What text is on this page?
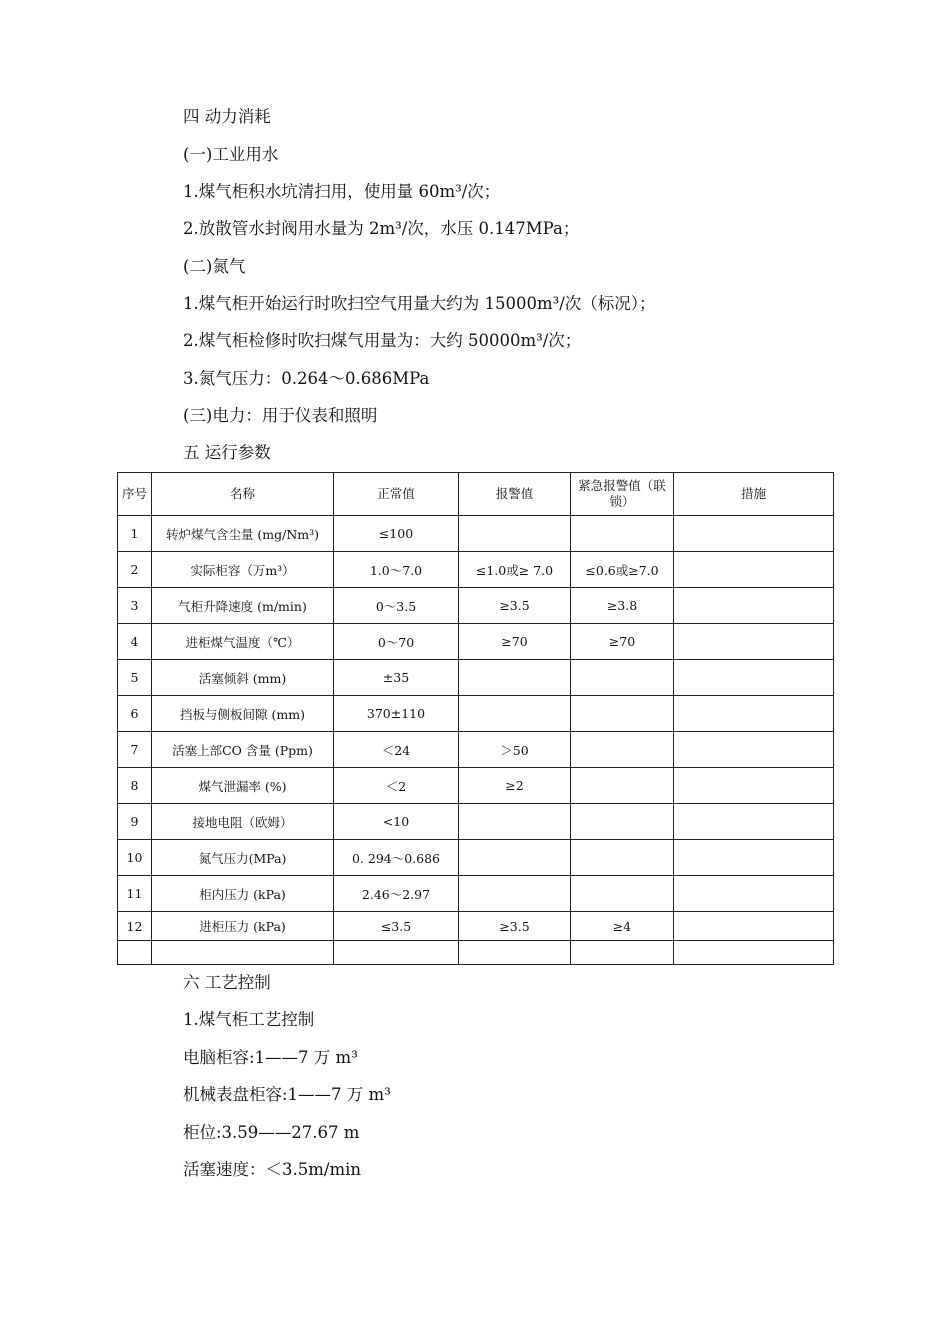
四 动力消耗
(一)工业用水
1.煤气柜积水坑清扫用，使用量 60m³/次；
2.放散管水封阀用水量为 2m³/次，水压 0.147MPa；
(二)氮气
1.煤气柜开始运行时吹扫空气用量大约为 15000m³/次（标况）；
2.煤气柜检修时吹扫煤气用量为：大约 50000m³/次；
3.氮气压力：0.264～0.686MPa
(三)电力：用于仪表和照明
五 运行参数
序号	名称	正常值	报警值	紧急报警值（联锁）	措施
1	转炉煤气含尘量 (mg/Nm³)	≤100			
2	实际柜容（万m³）	1.0～7.0	≤1.0或≥ 7.0	≤0.6或≥7.0	
3	气柜升降速度 (m/min)	0～3.5	≥3.5	≥3.8	
4	进柜煤气温度（℃）	0～70	≥70	≥70	
5	活塞倾斜 (mm)	±35			
6	挡板与侧板间隙 (mm)	370±110			
7	活塞上部CO 含量 (Ppm)	＜24	＞50		
8	煤气泄漏率 (%)	＜2	≥2		
9	接地电阻（欧姆）	<10			
10	氮气压力(MPa)	0. 294～0.686			
11	柜内压力 (kPa)	2.46～2.97			
12	进柜压力 (kPa)	≤3.5	≥3.5	≥4	

六 工艺控制
1.煤气柜工艺控制
电脑柜容:1——7 万 m³
机械表盘柜容:1——7 万 m³
柜位:3.59——27.67 m
活塞速度：＜3.5m/min
